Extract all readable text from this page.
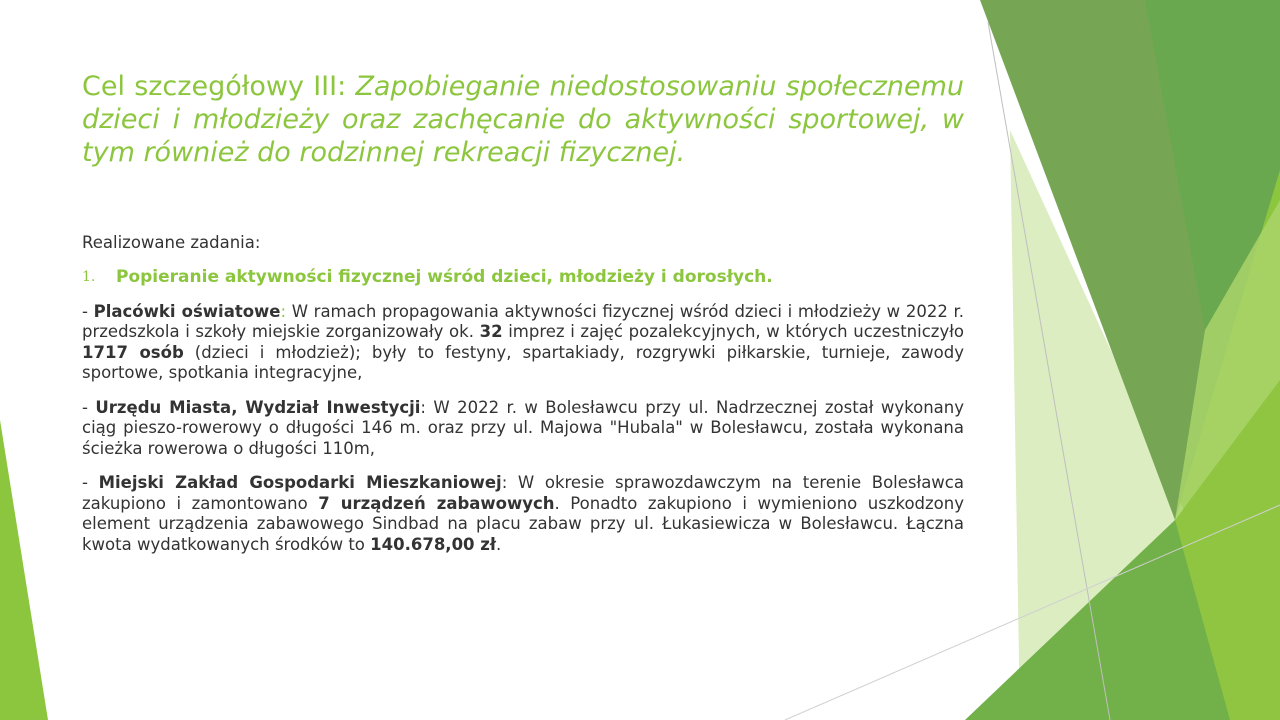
Cel szczegółowy III: Zapobieganie niedostosowaniu społecznemu dzieci i młodzieży oraz zachęcanie do aktywności sportowej, w tym również do rodzinnej rekreacji fizycznej.

Realizowane zadania:

1.	Popieranie aktywności fizycznej wśród dzieci, młodzieży i dorosłych.

- Placówki oświatowe: W ramach propagowania aktywności fizycznej wśród dzieci i młodzieży w 2022 r. przedszkola i szkoły miejskie zorganizowały ok. 32 imprez i zajęć pozalekcyjnych, w których uczestniczyło 1717 osób (dzieci i młodzież); były to festyny, spartakiady, rozgrywki piłkarskie, turnieje, zawody sportowe, spotkania integracyjne,

- Urzędu Miasta, Wydział Inwestycji: W 2022 r. w Bolesławcu przy ul. Nadrzecznej został wykonany ciąg pieszo-rowerowy o długości 146 m. oraz przy ul. Majowa "Hubala" w Bolesławcu, została wykonana ścieżka rowerowa o długości 110m,

- Miejski Zakład Gospodarki Mieszkaniowej: W okresie sprawozdawczym na terenie Bolesławca zakupiono i zamontowano 7 urządzeń zabawowych. Ponadto zakupiono i wymieniono uszkodzony element urządzenia zabawowego Sindbad na placu zabaw przy ul. Łukasiewicza w Bolesławcu. Łączna kwota wydatkowanych środków to 140.678,00 zł.
